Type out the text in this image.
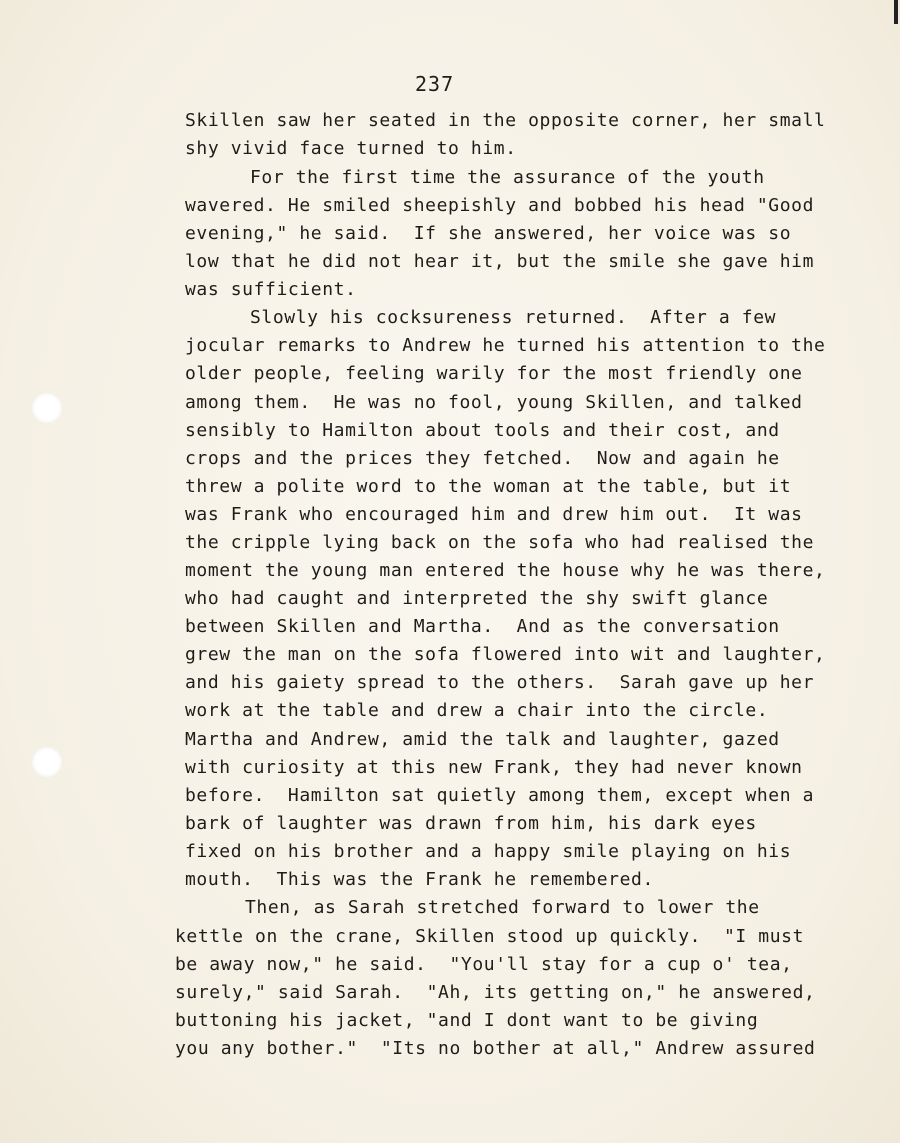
237
Skillen saw her seated in the opposite corner, her small
shy vivid face turned to him.
For the first time the assurance of the youth
wavered. He smiled sheepishly and bobbed his head "Good
evening," he said.  If she answered, her voice was so
low that he did not hear it, but the smile she gave him
was sufficient.
Slowly his cocksureness returned.  After a few
jocular remarks to Andrew he turned his attention to the
older people, feeling warily for the most friendly one
among them.  He was no fool, young Skillen, and talked
sensibly to Hamilton about tools and their cost, and
crops and the prices they fetched.  Now and again he
threw a polite word to the woman at the table, but it
was Frank who encouraged him and drew him out.  It was
the cripple lying back on the sofa who had realised the
moment the young man entered the house why he was there,
who had caught and interpreted the shy swift glance
between Skillen and Martha.  And as the conversation
grew the man on the sofa flowered into wit and laughter,
and his gaiety spread to the others.  Sarah gave up her
work at the table and drew a chair into the circle.
Martha and Andrew, amid the talk and laughter, gazed
with curiosity at this new Frank, they had never known
before.  Hamilton sat quietly among them, except when a
bark of laughter was drawn from him, his dark eyes
fixed on his brother and a happy smile playing on his
mouth.  This was the Frank he remembered.
Then, as Sarah stretched forward to lower the
kettle on the crane, Skillen stood up quickly.  "I must
be away now," he said.  "You'll stay for a cup o' tea,
surely," said Sarah.  "Ah, its getting on," he answered,
buttoning his jacket, "and I dont want to be giving
you any bother."  "Its no bother at all," Andrew assured
